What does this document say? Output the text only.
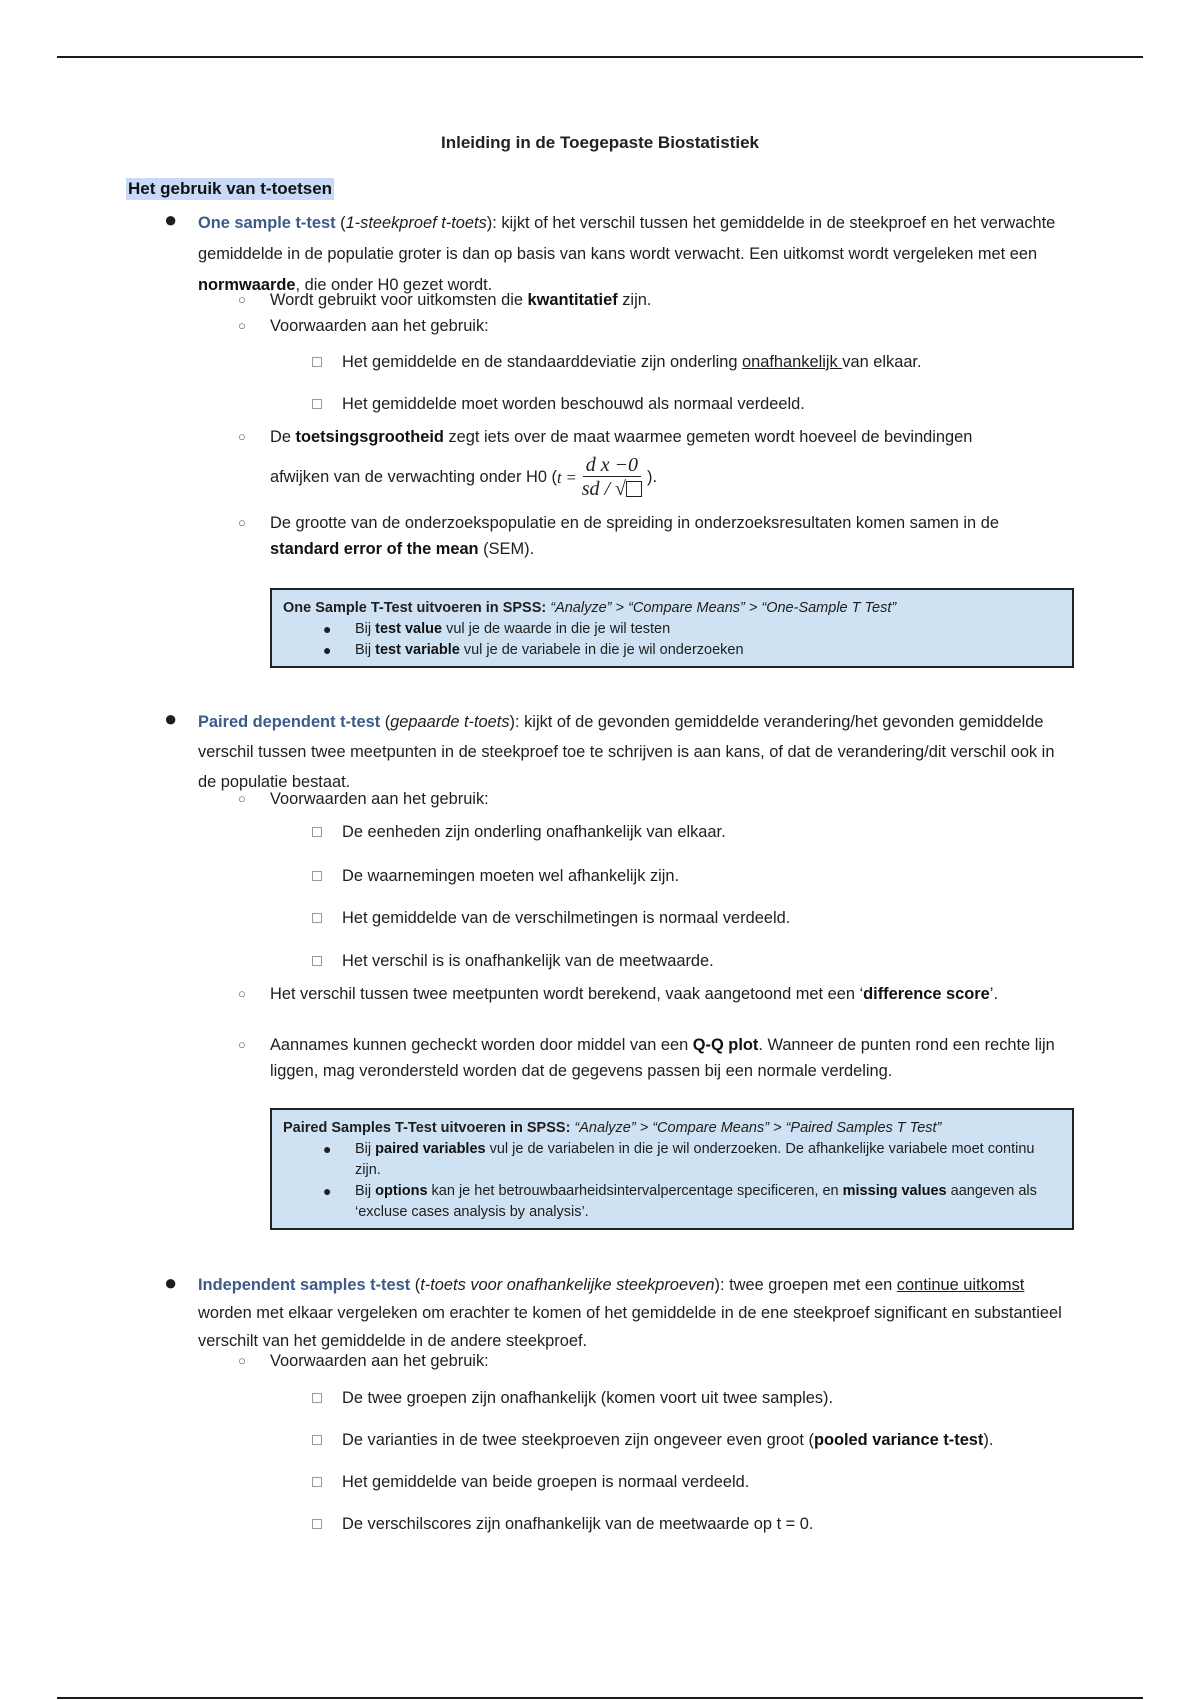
Inleiding in de Toegepaste Biostatistiek
Het gebruik van t-toetsen
● One sample t-test (1-steekproef t-toets): kijkt of het verschil tussen het gemiddelde in de steekproef en het verwachte gemiddelde in de populatie groter is dan op basis van kans wordt verwacht. Een uitkomst wordt vergeleken met een normwaarde, die onder H0 gezet wordt.
○ Wordt gebruikt voor uitkomsten die kwantitatief zijn.
○ Voorwaarden aan het gebruik:
Het gemiddelde en de standaarddeviatie zijn onderling onafhankelijk van elkaar.
Het gemiddelde moet worden beschouwd als normaal verdeeld.
○ De toetsingsgrootheid zegt iets over de maat waarmee gemeten wordt hoeveel de bevindingen
afwijken van de verwachting onder H0 ( $t = \frac{\text{d x −0}}{sd / √}$ ).
○ De grootte van de onderzoekspopulatie en de spreiding in onderzoeksresultaten komen samen in de standard error of the mean (SEM).
One Sample T-Test uitvoeren in SPSS: “Analyze” > “Compare Means” > “One-Sample T Test”
● Bij test value vul je de waarde in die je wil testen
● Bij test variable vul je de variabele in die je wil onderzoeken
● Paired dependent t-test (gepaarde t-toets): kijkt of de gevonden gemiddelde verandering/het gevonden gemiddelde verschil tussen twee meetpunten in de steekproef toe te schrijven is aan kans, of dat de verandering/dit verschil ook in de populatie bestaat.
○ Voorwaarden aan het gebruik:
De eenheden zijn onderling onafhankelijk van elkaar.
De waarnemingen moeten wel afhankelijk zijn.
Het gemiddelde van de verschilmetingen is normaal verdeeld.
Het verschil is is onafhankelijk van de meetwaarde.
○ Het verschil tussen twee meetpunten wordt berekend, vaak aangetoond met een ‘difference score’.
○ Aannames kunnen gecheckt worden door middel van een Q-Q plot. Wanneer de punten rond een rechte lijn liggen, mag verondersteld worden dat de gegevens passen bij een normale verdeling.
Paired Samples T-Test uitvoeren in SPSS: “Analyze” > “Compare Means” > “Paired Samples T Test”
● Bij paired variables vul je de variabelen in die je wil onderzoeken. De afhankelijke variabele moet continu zijn.
● Bij options kan je het betrouwbaarheidsintervalpercentage specificeren, en missing values aangeven als ‘excluse cases analysis by analysis’.
● Independent samples t-test (t-toets voor onafhankelijke steekproeven): twee groepen met een continue uitkomst worden met elkaar vergeleken om erachter te komen of het gemiddelde in de ene steekproef significant en substantieel verschilt van het gemiddelde in de andere steekproef.
○ Voorwaarden aan het gebruik:
De twee groepen zijn onafhankelijk (komen voort uit twee samples).
De varianties in de twee steekproeven zijn ongeveer even groot (pooled variance t-test).
Het gemiddelde van beide groepen is normaal verdeeld.
De verschilscores zijn onafhankelijk van de meetwaarde op t = 0.
